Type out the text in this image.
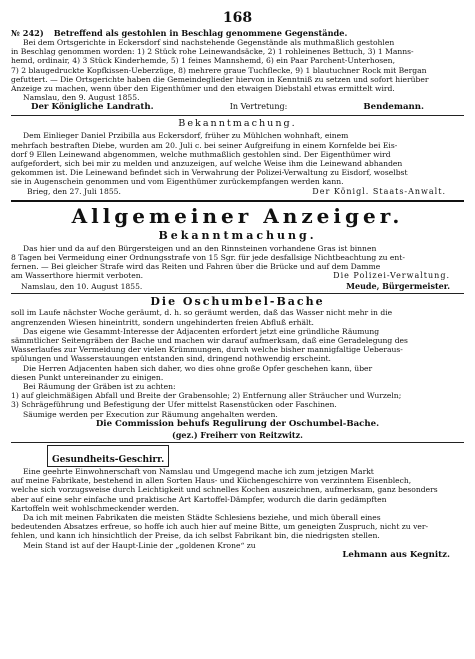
168
№ 242)	Betreffend als gestohlen in Beschlag genommene Gegenstände.

Bei dem Ortsgerichte in Eckersdorf sind nachstehende Gegenstände als muthmaßlich gestohlen

in Beschlag genommen worden: 1) 2 Stück rohe Leinewandsäcke, 2) 1 rohleinenes Bettuch, 3) 1 Manns-

hemd, ordinair, 4) 3 Stück Kinderhemde, 5) 1 feines Mannshemd, 6) ein Paar Parchent-Unterhosen,

7) 2 blaugedruckte Kopfkissen-Ueberzüge, 8) mehrere graue Tuchflecke, 9) 1 blautuchner Rock mit Bergan

gefuttert. — Die Ortsgerichte haben die Gemeindeglieder hiervon in Kenntniß zu setzen und sofort hierüber

Anzeige zu machen, wenn über den Eigenthümer und den etwaigen Diebstahl etwas ermittelt wird.

Namslau, den 9. August 1855.

Der Königliche Landrath.	In Vertretung:	Bendemann.
Bekanntmachung.

Dem Einlieger Daniel Przibilla aus Eckersdorf, früher zu Mühlchen wohnhaft, einem

mehrfach bestraften Diebe, wurden am 20. Juli c. bei seiner Aufgreifung in einem Kornfelde bei Eis-

dorf 9 Ellen Leinewand abgenommen, welche muthmaßlich gestohlen sind. Der Eigenthümer wird

aufgefordert, sich bei mir zu melden und anzuzeigen, auf welche Weise ihm die Leinewand abhanden

gekommen ist. Die Leinewand befindet sich in Verwahrung der Polizei-Verwaltung zu Eisdorf, woselbst

sie in Augenschein genommen und vom Eigenthümer zurückempfangen werden kann.

Brieg, den 27. Juli 1855.	Der Königl. Staats-Anwalt.
Allgemeiner Anzeiger.
Bekanntmachung.

Das hier und da auf den Bürgersteigen und an den Rinnsteinen vorhandene Gras ist binnen

8 Tagen bei Vermeidung einer Ordnungsstrafe von 15 Sgr. für jede desfallsige Nichtbeachtung zu ent-

fernen. — Bei gleicher Strafe wird das Reiten und Fahren über die Brücke und auf dem Damme

am Wasserthore hiermit verboten.	Die Polizei-Verwaltung.
Namslau, den 10. August 1855.	Meude, Bürgermeister.
Die Oschumbel-Bache

soll im Laufe nächster Woche geräumt, d. h. so geräumt werden, daß das Wasser nicht mehr in die

angrenzenden Wiesen hineintritt, sondern ungehinderten freien Abfluß erhält.

Das eigene wie Gesammt-Interesse der Adjacenten erfordert jetzt eine gründliche Räumung

sämmtlicher Seitengräben der Bache und machen wir darauf aufmerksam, daß eine Geradelegung des

Wasserlaufes zur Vermeidung der vielen Krümmungen, durch welche bisher mannigfaltige Ueberaus-

spülungen und Wasserstauungen entstanden sind, dringend nothwendig erscheint.

Die Herren Adjacenten haben sich daher, wo dies ohne große Opfer geschehen kann, über

diesen Punkt untereinander zu einigen.

Bei Räumung der Gräben ist zu achten:

1) auf gleichmäßigen Abfall und Breite der Grabensohle; 2) Entfernung aller Sträucher und Wurzeln;

3) Schrägeführung und Befestigung der Ufer mittelst Rasenstücken oder Faschinen.

Säumige werden per Execution zur Räumung angehalten werden.

Die Commission behufs Regulirung der Oschumbel-Bache.
(gez.) Freiherr von Reitzwitz.
Gesundheits-Geschirr.

Eine geehrte Einwohnerschaft von Namslau und Umgegend mache ich zum jetzigen Markt

auf meine Fabrikate, bestehend in allen Sorten Haus- und Küchengeschirre von verzinntem Eisenblech,

welche sich vorzugsweise durch Leichtigkeit und schnelles Kochen auszeichnen, aufmerksam, ganz besonders

aber auf eine sehr einfache und praktische Art Kartoffel-Dämpfer, wodurch die darin gedämpften

Kartoffeln weit wohlschmeckender werden.

Da ich mit meinen Fabrikaten die meisten Städte Schlesiens beziehe, und mich überall eines

bedeutenden Absatzes erfreue, so hoffe ich auch hier auf meine Bitte, um geneigten Zuspruch, nicht zu ver-

fehlen, und kann ich hinsichtlich der Preise, da ich selbst Fabrikant bin, die niedrigsten stellen.

Mein Stand ist auf der Haupt-Linie der „goldenen Krone“ zu

Lehmann aus Kegnitz.
